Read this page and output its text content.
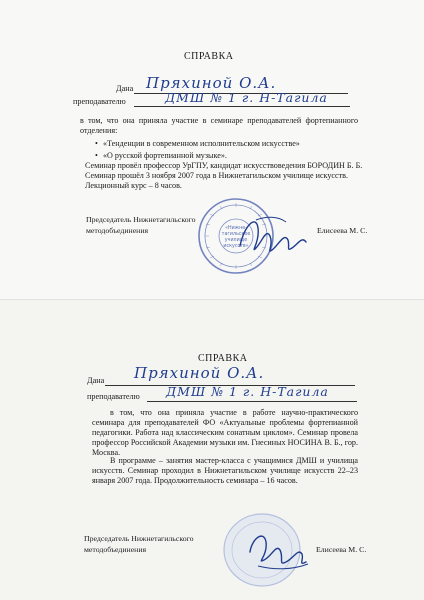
СПРАВКА
Дана Пряхиной О.А.
преподавателю	ДМШ № 1 г. Н-Тагила
в том, что она приняла участие в семинаре преподавателей фортепианного отделения:
• «Тенденции в современном исполнительском искусстве»
• «О русской фортепианной музыке».
Семинар провёл профессор УрГПУ, кандидат искусствоведения БОРОДИН Б. Б.
Семинар прошёл 3 ноября 2007 года в Нижнетагильском училище искусств.
Лекционный курс – 8 часов.
Председатель Нижнетагильского
методобъединения	Елисеева М. С.
«Нижне-
тагильское
училище
искусств»
СПРАВКА
Дана Пряхиной О.А.
преподавателю ДМШ № 1 г. Н-Тагила
в том, что она приняла участие в работе научно-практического семинара для преподавателей ФО «Актуальные проблемы фортепианной педагогики. Работа над классическим сонатным циклом». Семинар провела профессор Российской Академии музыки им. Гнесиных НОСИНА В. Б., гор. Москва.
В программе – занятия мастер-класса с учащимися ДМШ и училища искусств. Семинар проходил в Нижнетагильском училище искусств 22–23 января 2007 года. Продолжительность семинара – 16 часов.
Председатель Нижнетагильского
методобъединения	Елисеева М. С.
